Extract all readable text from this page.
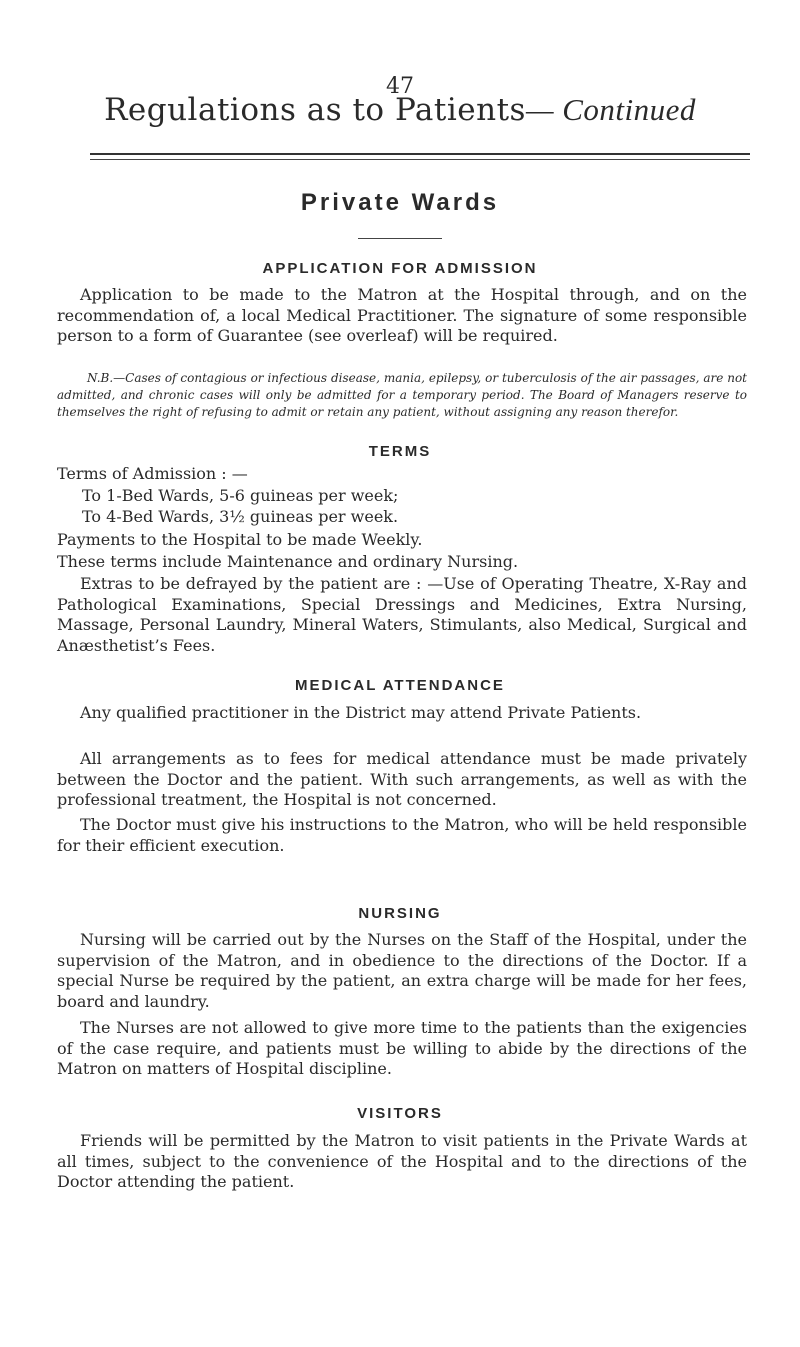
47
Regulations as to Patients— Continued
Private Wards
APPLICATION FOR ADMISSION
Application to be made to the Matron at the Hospital through, and on the recommendation of, a local Medical Practitioner. The signature of some responsible person to a form of Guarantee (see overleaf) will be required.
N.B.—Cases of contagious or infectious disease, mania, epilepsy, or tuberculosis of the air passages, are not admitted, and chronic cases will only be admitted for a temporary period. The Board of Managers reserve to themselves the right of refusing to admit or retain any patient, without assigning any reason therefor.
TERMS
Terms of Admission : —
To 1-Bed Wards, 5-6 guineas per week;
To 4-Bed Wards, 3½ guineas per week.
Payments to the Hospital to be made Weekly.
These terms include Maintenance and ordinary Nursing.
Extras to be defrayed by the patient are : —Use of Operating Theatre, X-Ray and Pathological Examinations, Special Dressings and Medicines, Extra Nursing, Massage, Personal Laundry, Mineral Waters, Stimulants, also Medical, Surgical and Anæsthetist’s Fees.
MEDICAL ATTENDANCE
Any qualified practitioner in the District may attend Private Patients.
All arrangements as to fees for medical attendance must be made privately between the Doctor and the patient. With such arrangements, as well as with the professional treatment, the Hospital is not concerned.
The Doctor must give his instructions to the Matron, who will be held responsible for their efficient execution.
NURSING
Nursing will be carried out by the Nurses on the Staff of the Hospital, under the supervision of the Matron, and in obedience to the directions of the Doctor. If a special Nurse be required by the patient, an extra charge will be made for her fees, board and laundry.
The Nurses are not allowed to give more time to the patients than the exigencies of the case require, and patients must be willing to abide by the directions of the Matron on matters of Hospital discipline.
VISITORS
Friends will be permitted by the Matron to visit patients in the Private Wards at all times, subject to the convenience of the Hospital and to the directions of the Doctor attending the patient.
